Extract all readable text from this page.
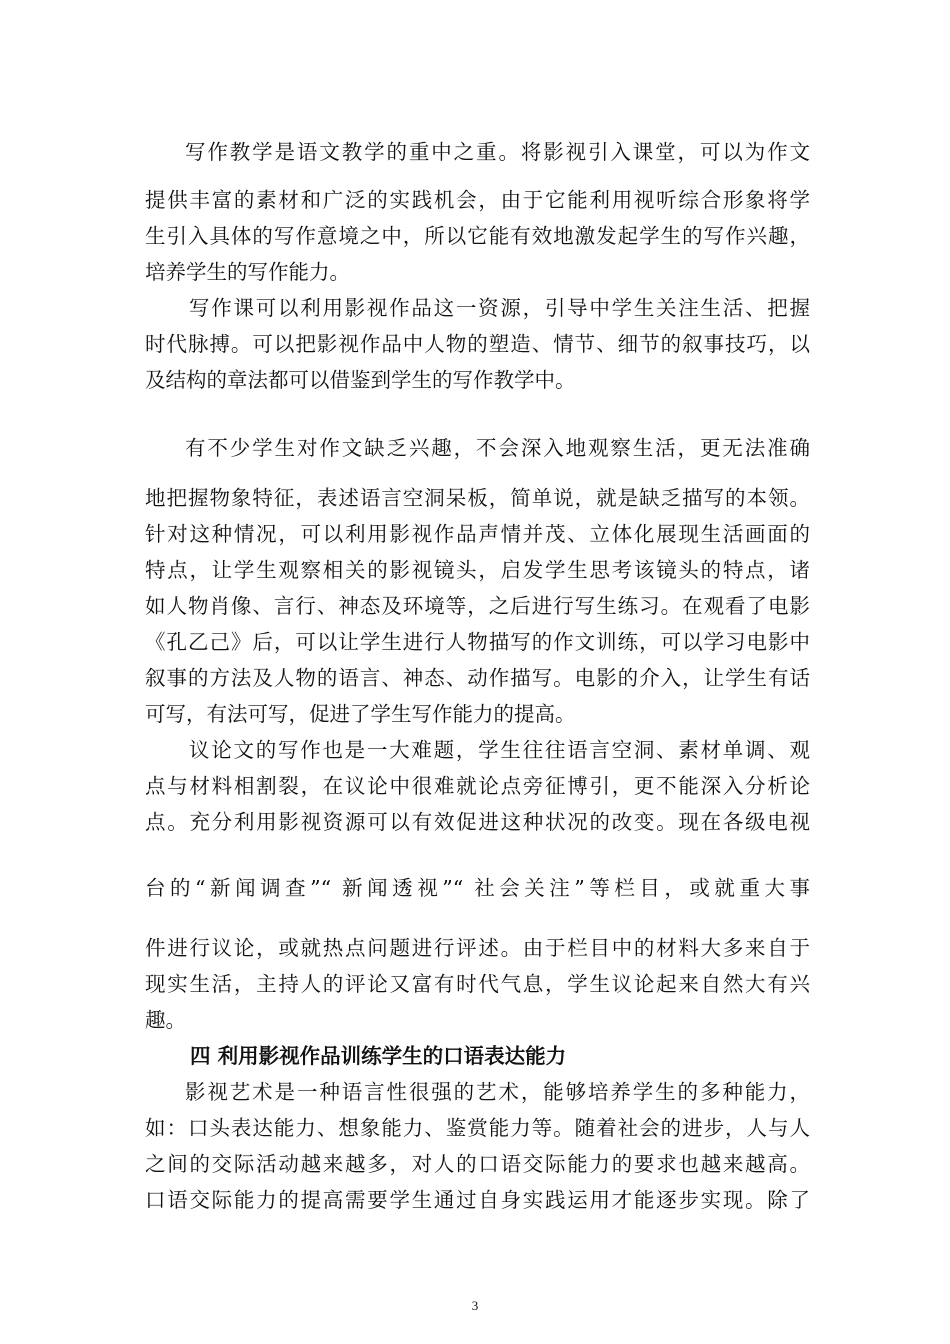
写作教学是语文教学的重中之重。将影视引入课堂，可以为作文
提供丰富的素材和广泛的实践机会，由于它能利用视听综合形象将学
生引入具体的写作意境之中，所以它能有效地激发起学生的写作兴趣，
培养学生的写作能力。
写作课可以利用影视作品这一资源，引导中学生关注生活、把握
时代脉搏。可以把影视作品中人物的塑造、情节、细节的叙事技巧，以
及结构的章法都可以借鉴到学生的写作教学中。
有不少学生对作文缺乏兴趣，不会深入地观察生活，更无法准确
地把握物象特征，表述语言空洞呆板，简单说，就是缺乏描写的本领。
针对这种情况，可以利用影视作品声情并茂、立体化展现生活画面的
特点，让学生观察相关的影视镜头，启发学生思考该镜头的特点，诸
如人物肖像、言行、神态及环境等，之后进行写生练习。在观看了电影
《孔乙己》后，可以让学生进行人物描写的作文训练，可以学习电影中
叙事的方法及人物的语言、神态、动作描写。电影的介入，让学生有话
可写，有法可写，促进了学生写作能力的提高。
议论文的写作也是一大难题，学生往往语言空洞、素材单调、观
点与材料相割裂，在议论中很难就论点旁征博引，更不能深入分析论
点。充分利用影视资源可以有效促进这种状况的改变。现在各级电视
台的“新闻调查”“ 新闻透视”“ 社会关注”等栏目，或就重大事
件进行议论，或就热点问题进行评述。由于栏目中的材料大多来自于
现实生活，主持人的评论又富有时代气息，学生议论起来自然大有兴
趣。
四 利用影视作品训练学生的口语表达能力
影视艺术是一种语言性很强的艺术，能够培养学生的多种能力，
如：口头表达能力、想象能力、鉴赏能力等。随着社会的进步，人与人
之间的交际活动越来越多，对人的口语交际能力的要求也越来越高。
口语交际能力的提高需要学生通过自身实践运用才能逐步实现。除了
3
